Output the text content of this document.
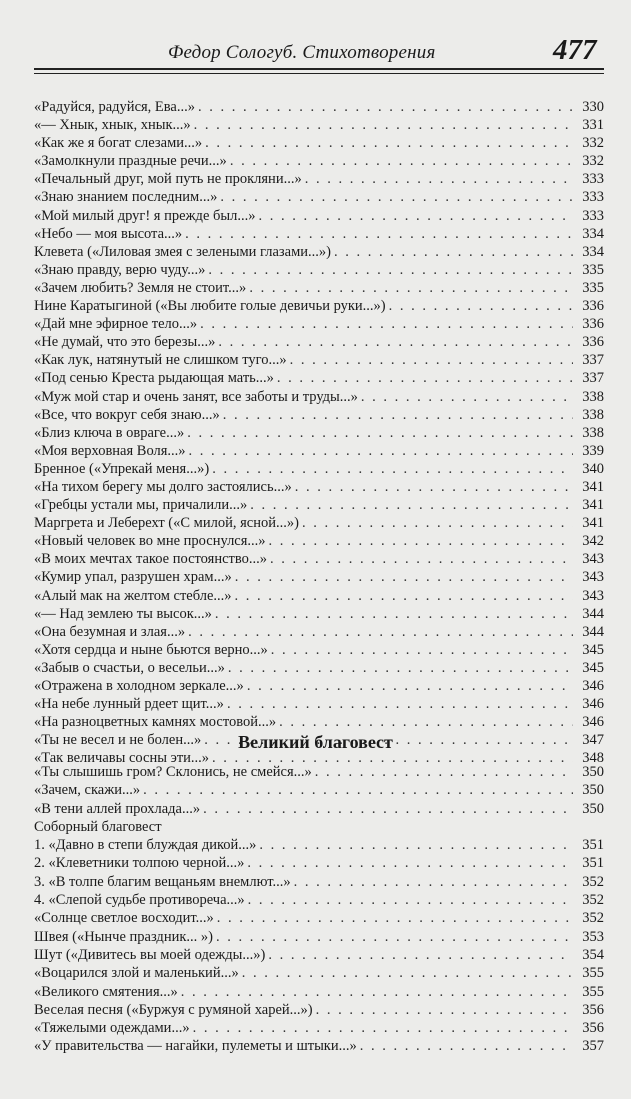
Федор Сологуб. Стихотворения	477
«Радуйся, радуйся, Ева...» . . .	330
«— Хнык, хнык, хнык...» . . .	331
«Как же я богат слезами...» . . .	332
«Замолкнули праздные речи...» . . .	332
«Печальный друг, мой путь не прокляни...» . . .	333
«Знаю знанием последним...» . . .	333
«Мой милый друг! я прежде был...» . . .	333
«Небо — моя высота...» . . .	334
Клевета («Лиловая змея с зелеными глазами...») . . .	334
«Знаю правду, верю чуду...» . . .	335
«Зачем любить? Земля не стоит...» . . .	335
Нине Каратыгиной («Вы любите голые девичьи руки...») . . .	336
«Дай мне эфирное тело...» . . .	336
«Не думай, что это березы...» . . .	336
«Как лук, натянутый не слишком туго...» . . .	337
«Под сенью Креста рыдающая мать...» . . .	337
«Муж мой стар и очень занят, все заботы и труды...» . . .	338
«Все, что вокруг себя знаю...» . . .	338
«Близ ключа в овраге...» . . .	338
«Моя верховная Воля...» . . .	339
Бренное («Упрекай меня...») . . .	340
«На тихом берегу мы долго застоялись...» . . .	341
«Гребцы устали мы, причалили...» . . .	341
Маргрета и Леберехт («С милой, ясной...») . . .	341
«Новый человек во мне проснулся...» . . .	342
«В моих мечтах такое постоянство...» . . .	343
«Кумир упал, разрушен храм...» . . .	343
«Алый мак на желтом стебле...» . . .	343
«— Над землею ты высок...» . . .	344
«Она безумная и злая...» . . .	344
«Хотя сердца и ныне бьются верно...» . . .	345
«Забыв о счастьи, о весельи...» . . .	345
«Отражена в холодном зеркале...» . . .	346
«На небе лунный рдеет щит...» . . .	346
«На разноцветных камнях мостовой...» . . .	346
«Ты не весел и не болен...» . . .	347
«Так величавы сосны эти...» . . .	348
Великий благовест
«Ты слышишь гром? Склонись, не смейся...» . . .	350
«Зачем, скажи...» . . .	350
«В тени аллей прохлада...» . . .	350
Соборный благовест
1. «Давно в степи блуждая дикой...» . . .	351
2. «Клеветники толпою черной...» . . .	351
3. «В толпе благим вещаньям внемлют...» . . .	352
4. «Слепой судьбе противореча...» . . .	352
«Солнце светлое восходит...» . . .	352
Швея («Нынче праздник... ») . . .	353
Шут («Дивитесь вы моей одежды...») . . .	354
«Воцарился злой и маленький...» . . .	355
«Великого смятения...» . . .	355
Веселая песня («Буржуя с румяной харей...») . . .	356
«Тяжелыми одеждами...» . . .	356
«У правительства — нагайки, пулеметы и штыки...» . . .	357
